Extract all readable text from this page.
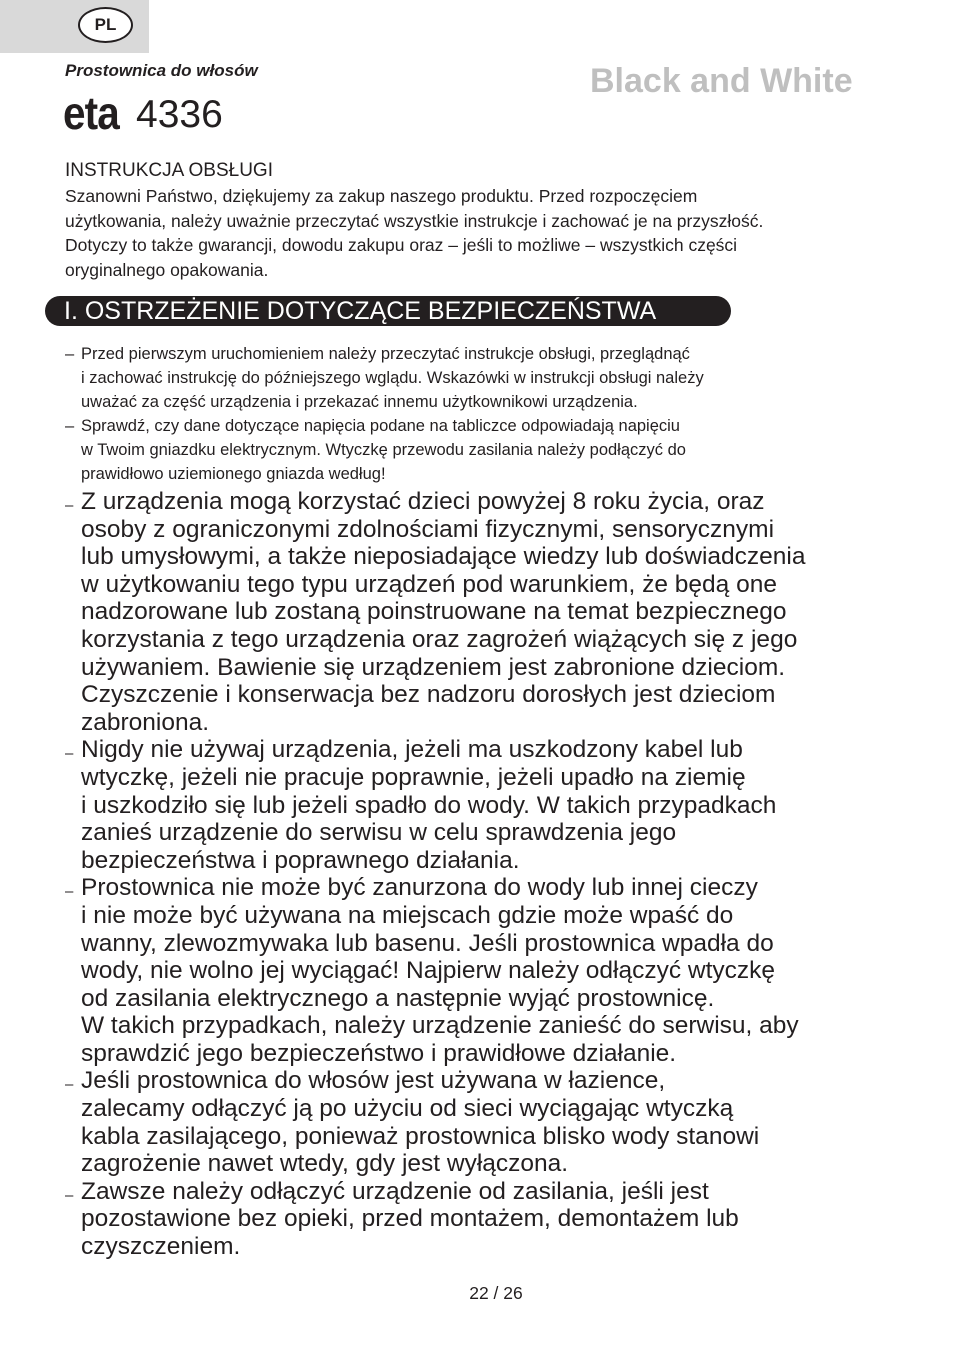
PL
Prostownica do włosów
eta 4336
Black and White
INSTRUKCJA OBSŁUGI
Szanowni Państwo, dziękujemy za zakup naszego produktu. Przed rozpoczęciem
użytkowania, należy uważnie przeczytać wszystkie instrukcje i zachować je na przyszłość.
Dotyczy to także gwarancji, dowodu zakupu oraz – jeśli to możliwe – wszystkich części
oryginalnego opakowania.
I. OSTRZEŻENIE DOTYCZĄCE BEZPIECZEŃSTWA
– Przed pierwszym uruchomieniem należy przeczytać instrukcje obsługi, przeglądnąć
i zachować instrukcję do późniejszego wglądu. Wskazówki w instrukcji obsługi należy
uważać za część urządzenia i przekazać innemu użytkownikowi urządzenia.
– Sprawdź, czy dane dotyczące napięcia podane na tabliczce odpowiadają napięciu
w Twoim gniazdku elektrycznym. Wtyczkę przewodu zasilania należy podłączyć do
prawidłowo uziemionego gniazda według!
– Z urządzenia mogą korzystać dzieci powyżej 8 roku życia, oraz
osoby z ograniczonymi zdolnościami fizycznymi, sensorycznymi
lub umysłowymi, a także nieposiadające wiedzy lub doświadczenia
w użytkowaniu tego typu urządzeń pod warunkiem, że będą one
nadzorowane lub zostaną poinstruowane na temat bezpiecznego
korzystania z tego urządzenia oraz zagrożeń wiążących się z jego
używaniem. Bawienie się urządzeniem jest zabronione dzieciom.
Czyszczenie i konserwacja bez nadzoru dorosłych jest dzieciom
zabroniona.
– Nigdy nie używaj urządzenia, jeżeli ma uszkodzony kabel lub
wtyczkę, jeżeli nie pracuje poprawnie, jeżeli upadło na ziemię
i uszkodziło się lub jeżeli spadło do wody. W takich przypadkach
zanieś urządzenie do serwisu w celu sprawdzenia jego
bezpieczeństwa i poprawnego działania.
– Prostownica nie może być zanurzona do wody lub innej cieczy
i nie może być używana na miejscach gdzie może wpaść do
wanny, zlewozmywaka lub basenu. Jeśli prostownica wpadła do
wody, nie wolno jej wyciągać! Najpierw należy odłączyć wtyczkę
od zasilania elektrycznego a następnie wyjąć prostownicę.
W takich przypadkach, należy urządzenie zanieść do serwisu, aby
sprawdzić jego bezpieczeństwo i prawidłowe działanie.
– Jeśli prostownica do włosów jest używana w łazience,
zalecamy odłączyć ją po użyciu od sieci wyciągając wtyczką
kabla zasilającego, ponieważ prostownica blisko wody stanowi
zagrożenie nawet wtedy, gdy jest wyłączona.
– Zawsze należy odłączyć urządzenie od zasilania, jeśli jest
pozostawione bez opieki, przed montażem, demontażem lub
czyszczeniem.
22 / 26
